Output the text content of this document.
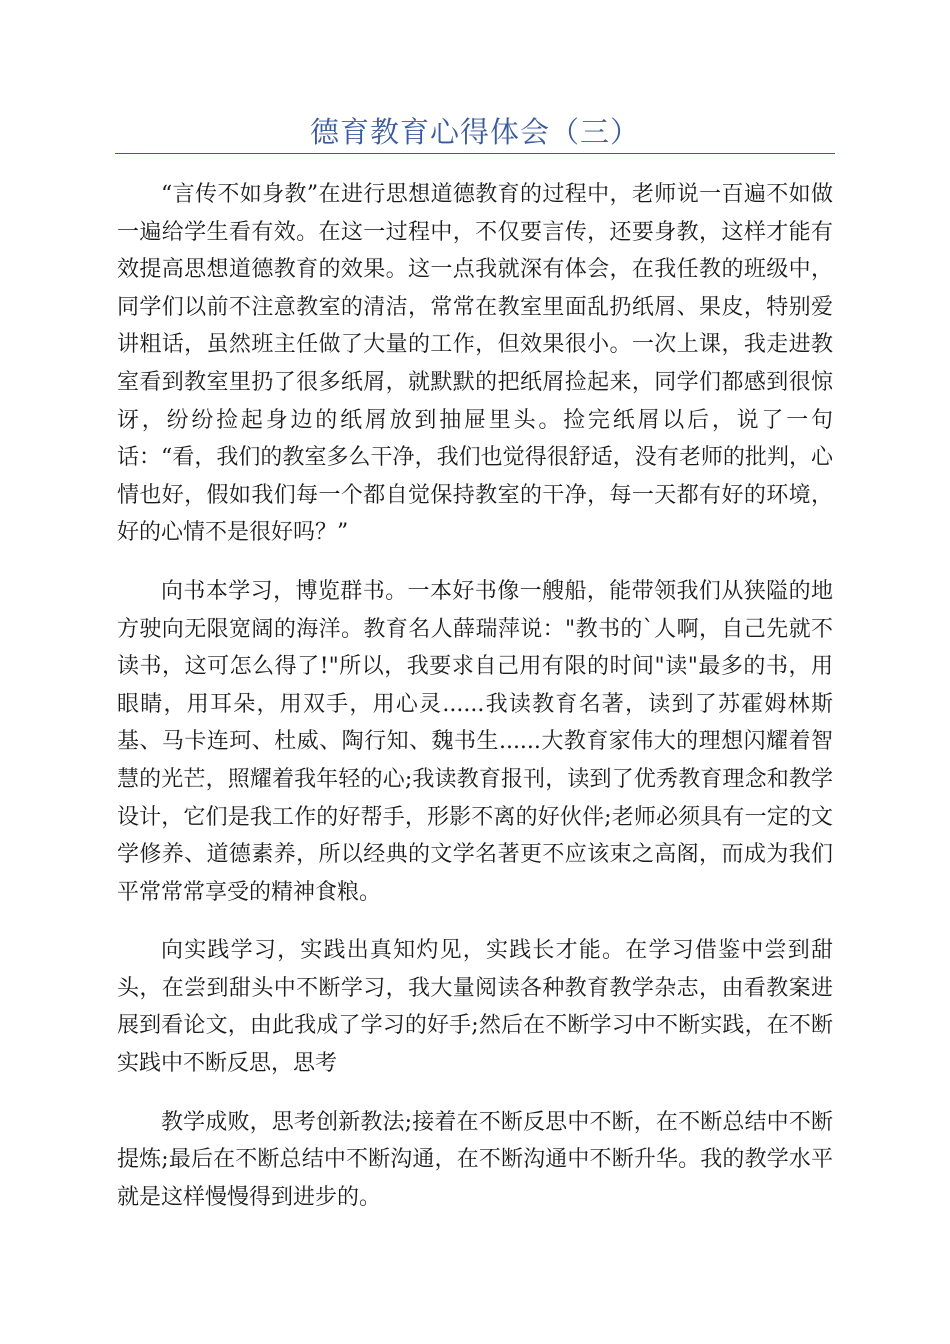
德育教育心得体会（三）

“言传不如身教”在进行思想道德教育的过程中，老师说一百遍不如做一遍给学生看有效。在这一过程中，不仅要言传，还要身教，这样才能有效提高思想道德教育的效果。这一点我就深有体会，在我任教的班级中，同学们以前不注意教室的清洁，常常在教室里面乱扔纸屑、果皮，特别爱讲粗话，虽然班主任做了大量的工作，但效果很小。一次上课，我走进教室看到教室里扔了很多纸屑，就默默的把纸屑捡起来，同学们都感到很惊讶，纷纷捡起身边的纸屑放到抽屉里头。捡完纸屑以后，说了一句话：“看，我们的教室多么干净，我们也觉得很舒适，没有老师的批判，心情也好，假如我们每一个都自觉保持教室的干净，每一天都有好的环境，好的心情不是很好吗？”

向书本学习，博览群书。一本好书像一艘船，能带领我们从狭隘的地方驶向无限宽阔的海洋。教育名人薛瑞萍说："教书的`人啊，自己先就不读书，这可怎么得了!"所以，我要求自己用有限的时间"读"最多的书，用眼睛，用耳朵，用双手，用心灵......我读教育名著，读到了苏霍姆林斯基、马卡连珂、杜威、陶行知、魏书生......大教育家伟大的理想闪耀着智慧的光芒，照耀着我年轻的心;我读教育报刊，读到了优秀教育理念和教学设计，它们是我工作的好帮手，形影不离的好伙伴;老师必须具有一定的文学修养、道德素养，所以经典的文学名著更不应该束之高阁，而成为我们平常常常享受的精神食粮。

向实践学习，实践出真知灼见，实践长才能。在学习借鉴中尝到甜头，在尝到甜头中不断学习，我大量阅读各种教育教学杂志，由看教案进展到看论文，由此我成了学习的好手;然后在不断学习中不断实践，在不断实践中不断反思，思考

教学成败，思考创新教法;接着在不断反思中不断，在不断总结中不断提炼;最后在不断总结中不断沟通，在不断沟通中不断升华。我的教学水平就是这样慢慢得到进步的。
